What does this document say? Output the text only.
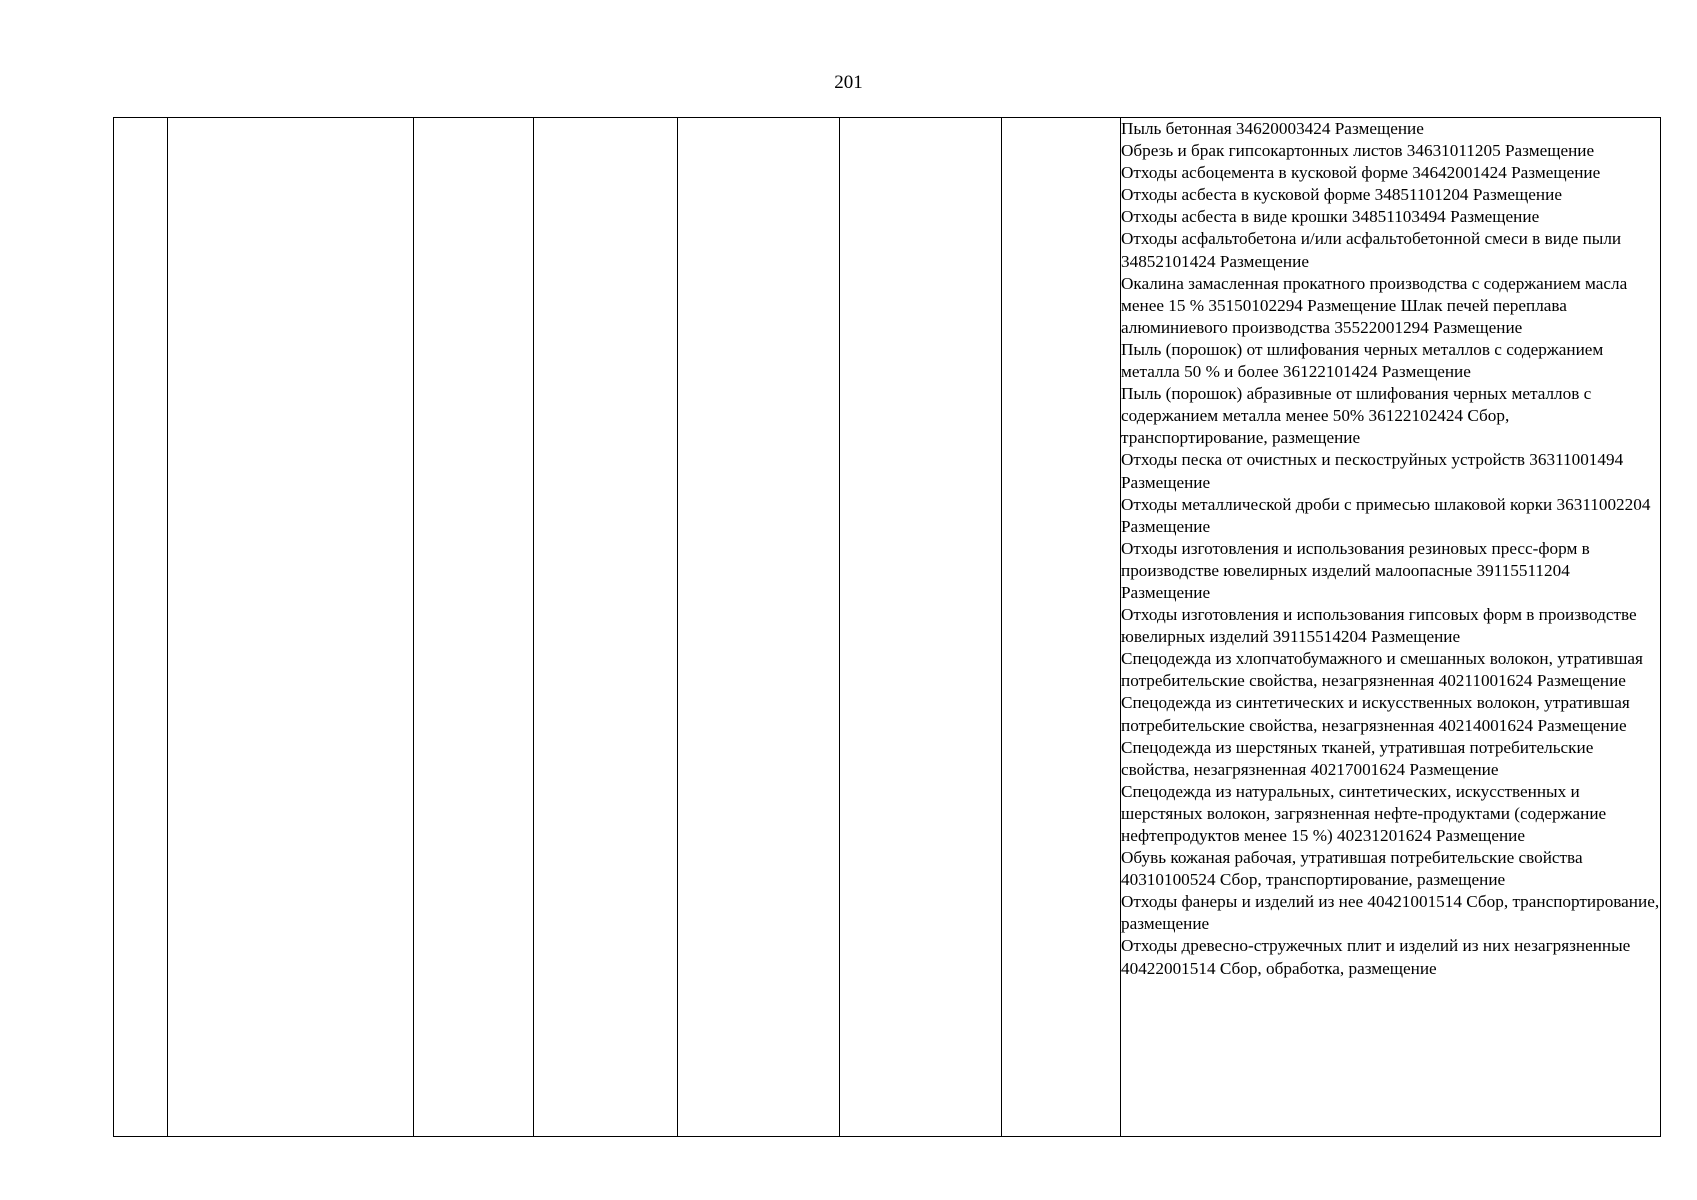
201

Пыль бетонная 34620003424 Размещение
Обрезь и брак гипсокартонных листов 34631011205 Размещение
Отходы асбоцемента в кусковой форме 34642001424 Размещение
Отходы асбеста в кусковой форме 34851101204 Размещение
Отходы асбеста в виде крошки 34851103494 Размещение
Отходы асфальтобетона и/или асфальтобетонной смеси в виде пыли 34852101424 Размещение
Окалина замасленная прокатного производства с содержанием масла менее 15 % 35150102294 Размещение Шлак печей переплава алюминиевого производства 35522001294 Размещение
Пыль (порошок) от шлифования черных металлов с содержанием металла 50 % и более 36122101424 Размещение
Пыль (порошок) абразивные от шлифования черных металлов с содержанием металла менее 50% 36122102424 Сбор, транспортирование, размещение
Отходы песка от очистных и пескоструйных устройств 36311001494 Размещение
Отходы металлической дроби с примесью шлаковой корки 36311002204 Размещение
Отходы изготовления и использования резиновых пресс-форм в производстве ювелирных изделий малоопасные 39115511204 Размещение
Отходы изготовления и использования гипсовых форм в производстве ювелирных изделий 39115514204 Размещение
Спецодежда из хлопчатобумажного и смешанных волокон, утратившая потребительские свойства, незагрязненная 40211001624 Размещение
Спецодежда из синтетических и искусственных волокон, утратившая потребительские свойства, незагрязненная 40214001624 Размещение
Спецодежда из шерстяных тканей, утратившая потребительские свойства, незагрязненная 40217001624 Размещение
Спецодежда из натуральных, синтетических, искусственных и шерстяных волокон, загрязненная нефте-продуктами (содержание нефтепродуктов менее 15 %) 40231201624 Размещение
Обувь кожаная рабочая, утратившая потребительские свойства 40310100524 Сбор, транспортирование, размещение
Отходы фанеры и изделий из нее 40421001514 Сбор, транспортирование, размещение
Отходы древесно-стружечных плит и изделий из них незагрязненные 40422001514 Сбор, обработка, размещение
